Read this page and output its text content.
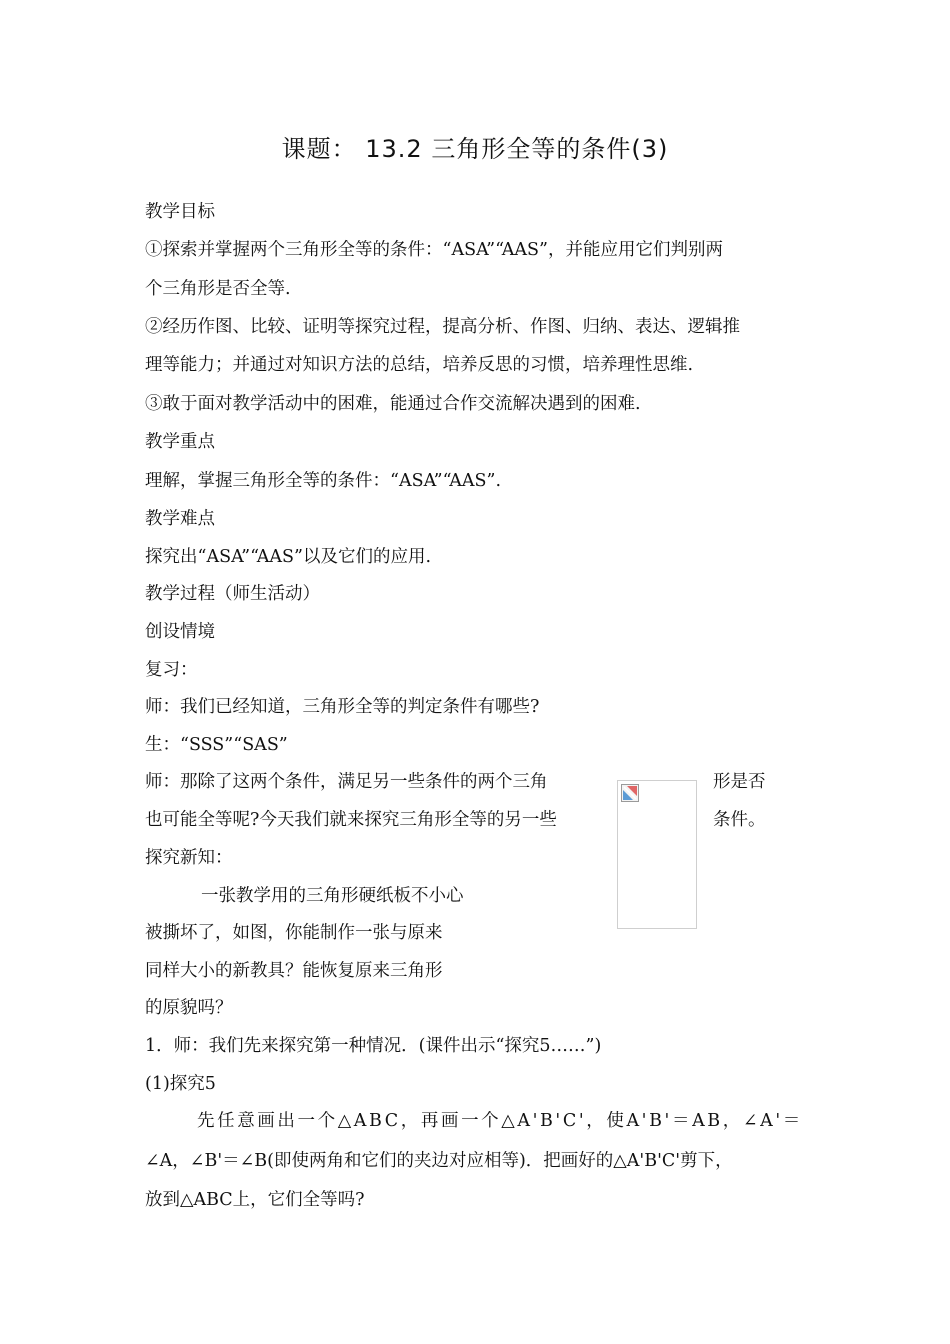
课题： 13.2 三角形全等的条件(3)
教学目标
①探索并掌握两个三角形全等的条件：“ASA”“AAS”，并能应用它们判别两
个三角形是否全等.
②经历作图、比较、证明等探究过程，提高分析、作图、归纳、表达、逻辑推
理等能力；并通过对知识方法的总结，培养反思的习惯，培养理性思维.
③敢于面对教学活动中的困难，能通过合作交流解决遇到的困难.
教学重点
理解，掌握三角形全等的条件：“ASA”“AAS”.
教学难点
探究出“ASA”“AAS”以及它们的应用.
教学过程（师生活动）
创设情境
复习：
师：我们已经知道，三角形全等的判定条件有哪些?
生：“SSS”“SAS”
师：那除了这两个条件，满足另一些条件的两个三角	形是否
也可能全等呢?今天我们就来探究三角形全等的另一些	条件。
探究新知：
一张教学用的三角形硬纸板不小心
被撕坏了，如图，你能制作一张与原来
同样大小的新教具？能恢复原来三角形
的原貌吗？
1．师：我们先来探究第一种情况．(课件出示“探究5……”)
(1)探究5
先任意画出一个△ABC，再画一个△A'B'C'，使A'B'＝AB，∠A'＝
∠A，∠B'＝∠B(即使两角和它们的夹边对应相等)．把画好的△A'B'C'剪下，
放到△ABC上，它们全等吗?
